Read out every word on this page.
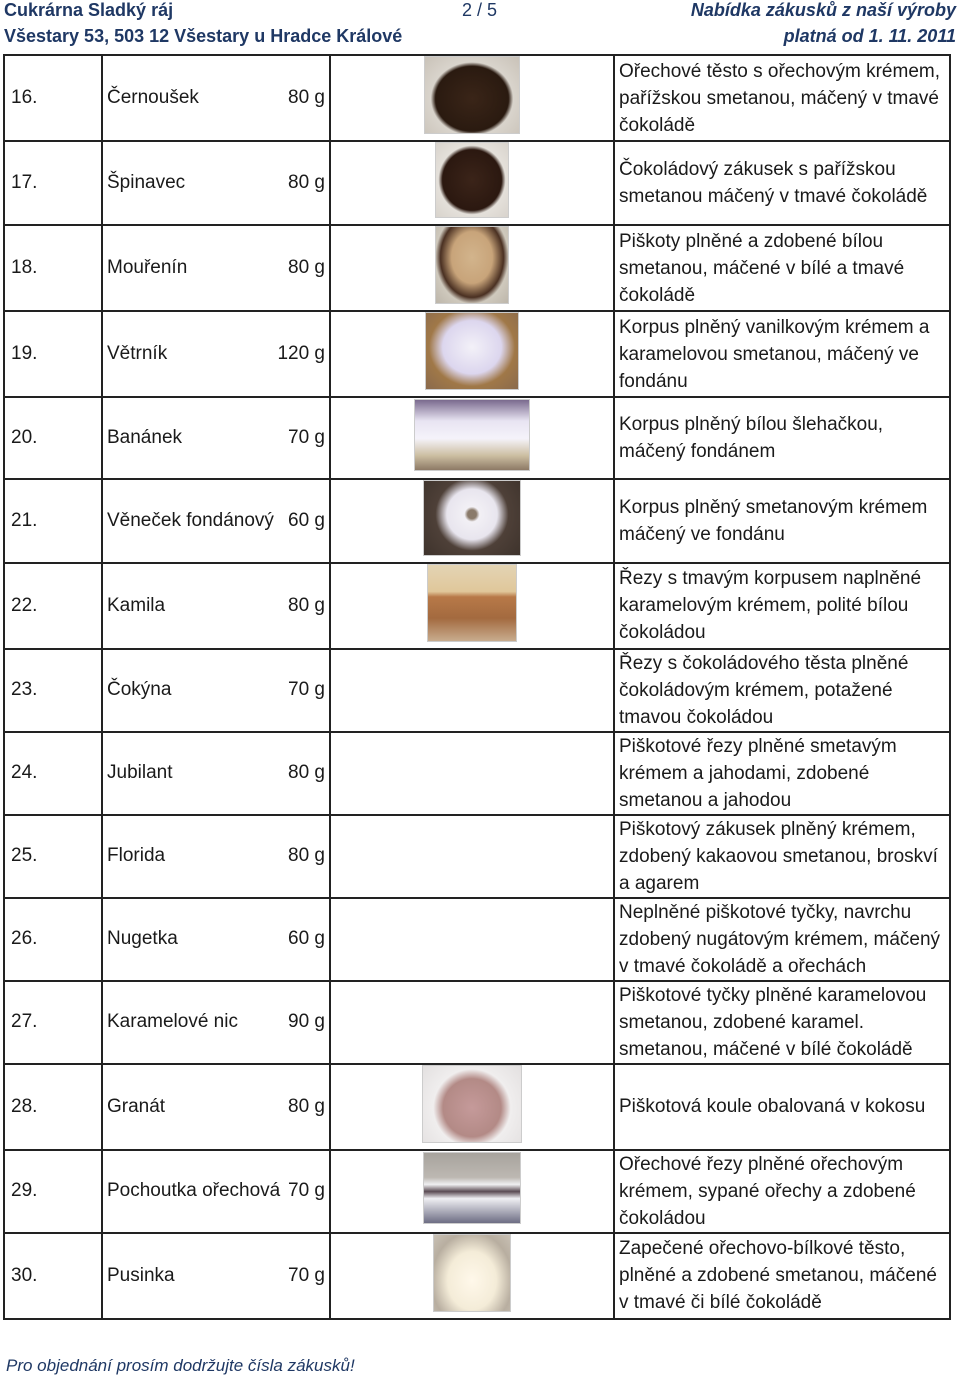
Cukrárna Sladký ráj
Všestary 53, 503 12 Všestary u Hradce Králové
2 / 5	Nabídka zákusků z naší výroby
platná od 1. 11. 2011
16.	Černoušek 80 g		Ořechové těsto s ořechovým krémem, pařížskou smetanou, máčený v tmavé čokoládě
17.	Špinavec 80 g		Čokoládový zákusek s pařížskou smetanou máčený v tmavé čokoládě
18.	Mouřenín 80 g		Piškoty plněné a zdobené bílou smetanou, máčené v bílé a tmavé čokoládě
19.	Větrník 120 g		Korpus plněný vanilkovým krémem a karamelovou smetanou, máčený ve fondánu
20.	Banánek 70 g		Korpus plněný bílou šlehačkou, máčený fondánem
21.	Věneček fondánový 60 g		Korpus plněný smetanovým krémem máčený ve fondánu
22.	Kamila 80 g		Řezy s tmavým korpusem naplněné karamelovým krémem, polité bílou čokoládou
23.	Čokýna 70 g		Řezy s čokoládového těsta plněné čokoládovým krémem, potažené tmavou čokoládou
24.	Jubilant 80 g		Piškotové řezy plněné smetavým krémem a jahodami, zdobené smetanou a jahodou
25.	Florida 80 g		Piškotový zákusek plněný krémem, zdobený kakaovou smetanou, broskví a agarem
26.	Nugetka 60 g		Neplněné piškotové tyčky, navrchu zdobený nugátovým krémem, máčený v tmavé čokoládě a ořechách
27.	Karamelové nic 90 g		Piškotové tyčky plněné karamelovou smetanou, zdobené karamel. smetanou, máčené v bílé čokoládě
28.	Granát 80 g		Piškotová koule obalovaná v kokosu
29.	Pochoutka ořechová 70 g		Ořechové řezy plněné ořechovým krémem, sypané ořechy a zdobené čokoládou
30.	Pusinka 70 g		Zapečené ořechovo-bílkové těsto, plněné a zdobené smetanou, máčené v tmavé či bílé čokoládě
Pro objednání prosím dodržujte čísla zákusků!
